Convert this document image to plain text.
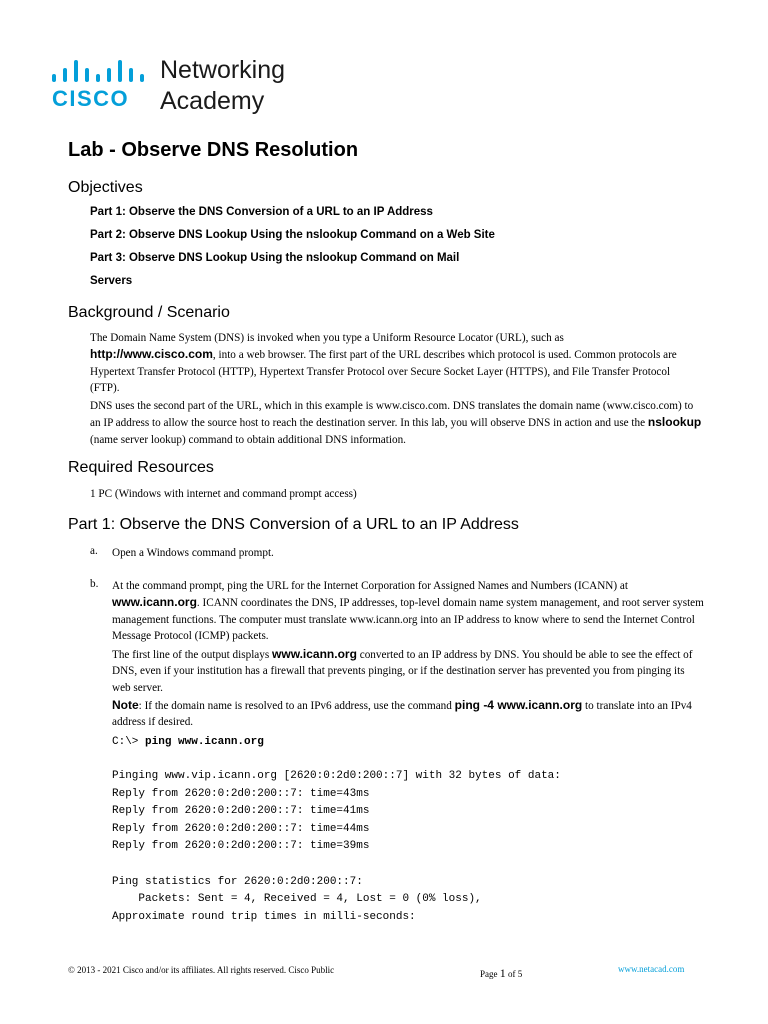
CISCO
Networking
Academy
Lab - Observe DNS Resolution
Objectives
Part 1: Observe the DNS Conversion of a URL to an IP Address
Part 2: Observe DNS Lookup Using the nslookup Command on a Web Site
Part 3: Observe DNS Lookup Using the nslookup Command on Mail
Servers
Background / Scenario
The Domain Name System (DNS) is invoked when you type a Uniform Resource Locator (URL), such as
http://www.cisco.com, into a web browser. The first part of the URL describes which protocol is used. Common protocols are Hypertext Transfer Protocol (HTTP), Hypertext Transfer Protocol over Secure Socket Layer (HTTPS), and File Transfer Protocol (FTP).
DNS uses the second part of the URL, which in this example is www.cisco.com. DNS translates the domain name (www.cisco.com) to an IP address to allow the source host to reach the destination server. In this lab, you will observe DNS in action and use the nslookup (name server lookup) command to obtain additional DNS information.
Required Resources
1 PC (Windows with internet and command prompt access)
Part 1: Observe the DNS Conversion of a URL to an IP Address
a. Open a Windows command prompt.
b. At the command prompt, ping the URL for the Internet Corporation for Assigned Names and Numbers (ICANN) at www.icann.org. ICANN coordinates the DNS, IP addresses, top-level domain name system management, and root server system management functions. The computer must translate www.icann.org into an IP address to know where to send the Internet Control Message Protocol (ICMP) packets.
The first line of the output displays www.icann.org converted to an IP address by DNS. You should be able to see the effect of DNS, even if your institution has a firewall that prevents pinging, or if the destination server has prevented you from pinging its web server.
Note: If the domain name is resolved to an IPv6 address, use the command ping -4 www.icann.org to translate into an IPv4 address if desired.
C:\> ping www.icann.org
Pinging www.vip.icann.org [2620:0:2d0:200::7] with 32 bytes of data:
Reply from 2620:0:2d0:200::7: time=43ms
Reply from 2620:0:2d0:200::7: time=41ms
Reply from 2620:0:2d0:200::7: time=44ms
Reply from 2620:0:2d0:200::7: time=39ms
Ping statistics for 2620:0:2d0:200::7:
Packets: Sent = 4, Received = 4, Lost = 0 (0% loss),
Approximate round trip times in milli-seconds:
© 2013 - 2021 Cisco and/or its affiliates. All rights reserved. Cisco Public	Page 1 of 5	www.netacad.com
